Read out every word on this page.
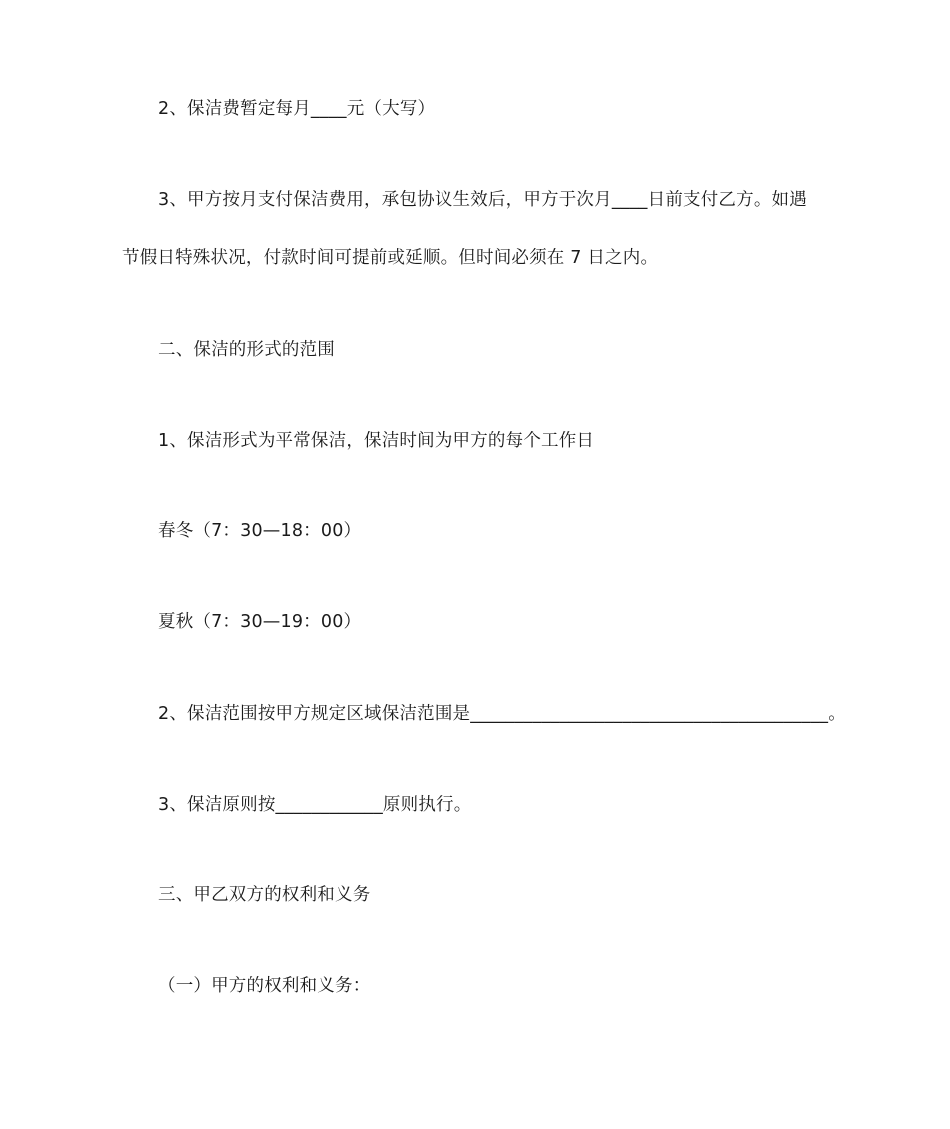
2、保洁费暂定每月____元（大写）
3、甲方按月支付保洁费用，承包协议生效后，甲方于次月____日前支付乙方。如遇
节假日特殊状况，付款时间可提前或延顺。但时间必须在 7 日之内。
二、保洁的形式的范围
1、保洁形式为平常保洁，保洁时间为甲方的每个工作日
春冬（7：30—18：00）
夏秋（7：30—19：00）
2、保洁范围按甲方规定区域保洁范围是________________________________________。
3、保洁原则按____________原则执行。
三、甲乙双方的权利和义务
（一）甲方的权利和义务：
